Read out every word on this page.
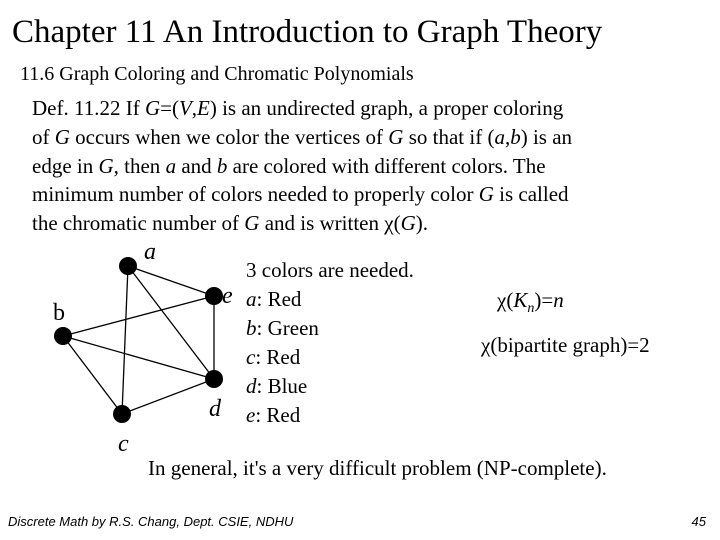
Chapter 11 An Introduction to Graph Theory
11.6 Graph Coloring and Chromatic Polynomials
Def. 11.22 If G=(V,E) is an undirected graph, a proper coloring
of G occurs when we color the vertices of G so that if (a,b) is an
edge in G, then a and b are colored with different colors. The
minimum number of colors needed to properly color G is called
the chromatic number of G and is written χ(G).
a
e
b
d
c
3 colors are needed.
a: Red
b: Green
c: Red
d: Blue
e: Red
$\chi(K_n)=n$
χ(bipartite graph)=2
In general, it's a very difficult problem (NP-complete).
Discrete Math by R.S. Chang, Dept. CSIE, NDHU	45
